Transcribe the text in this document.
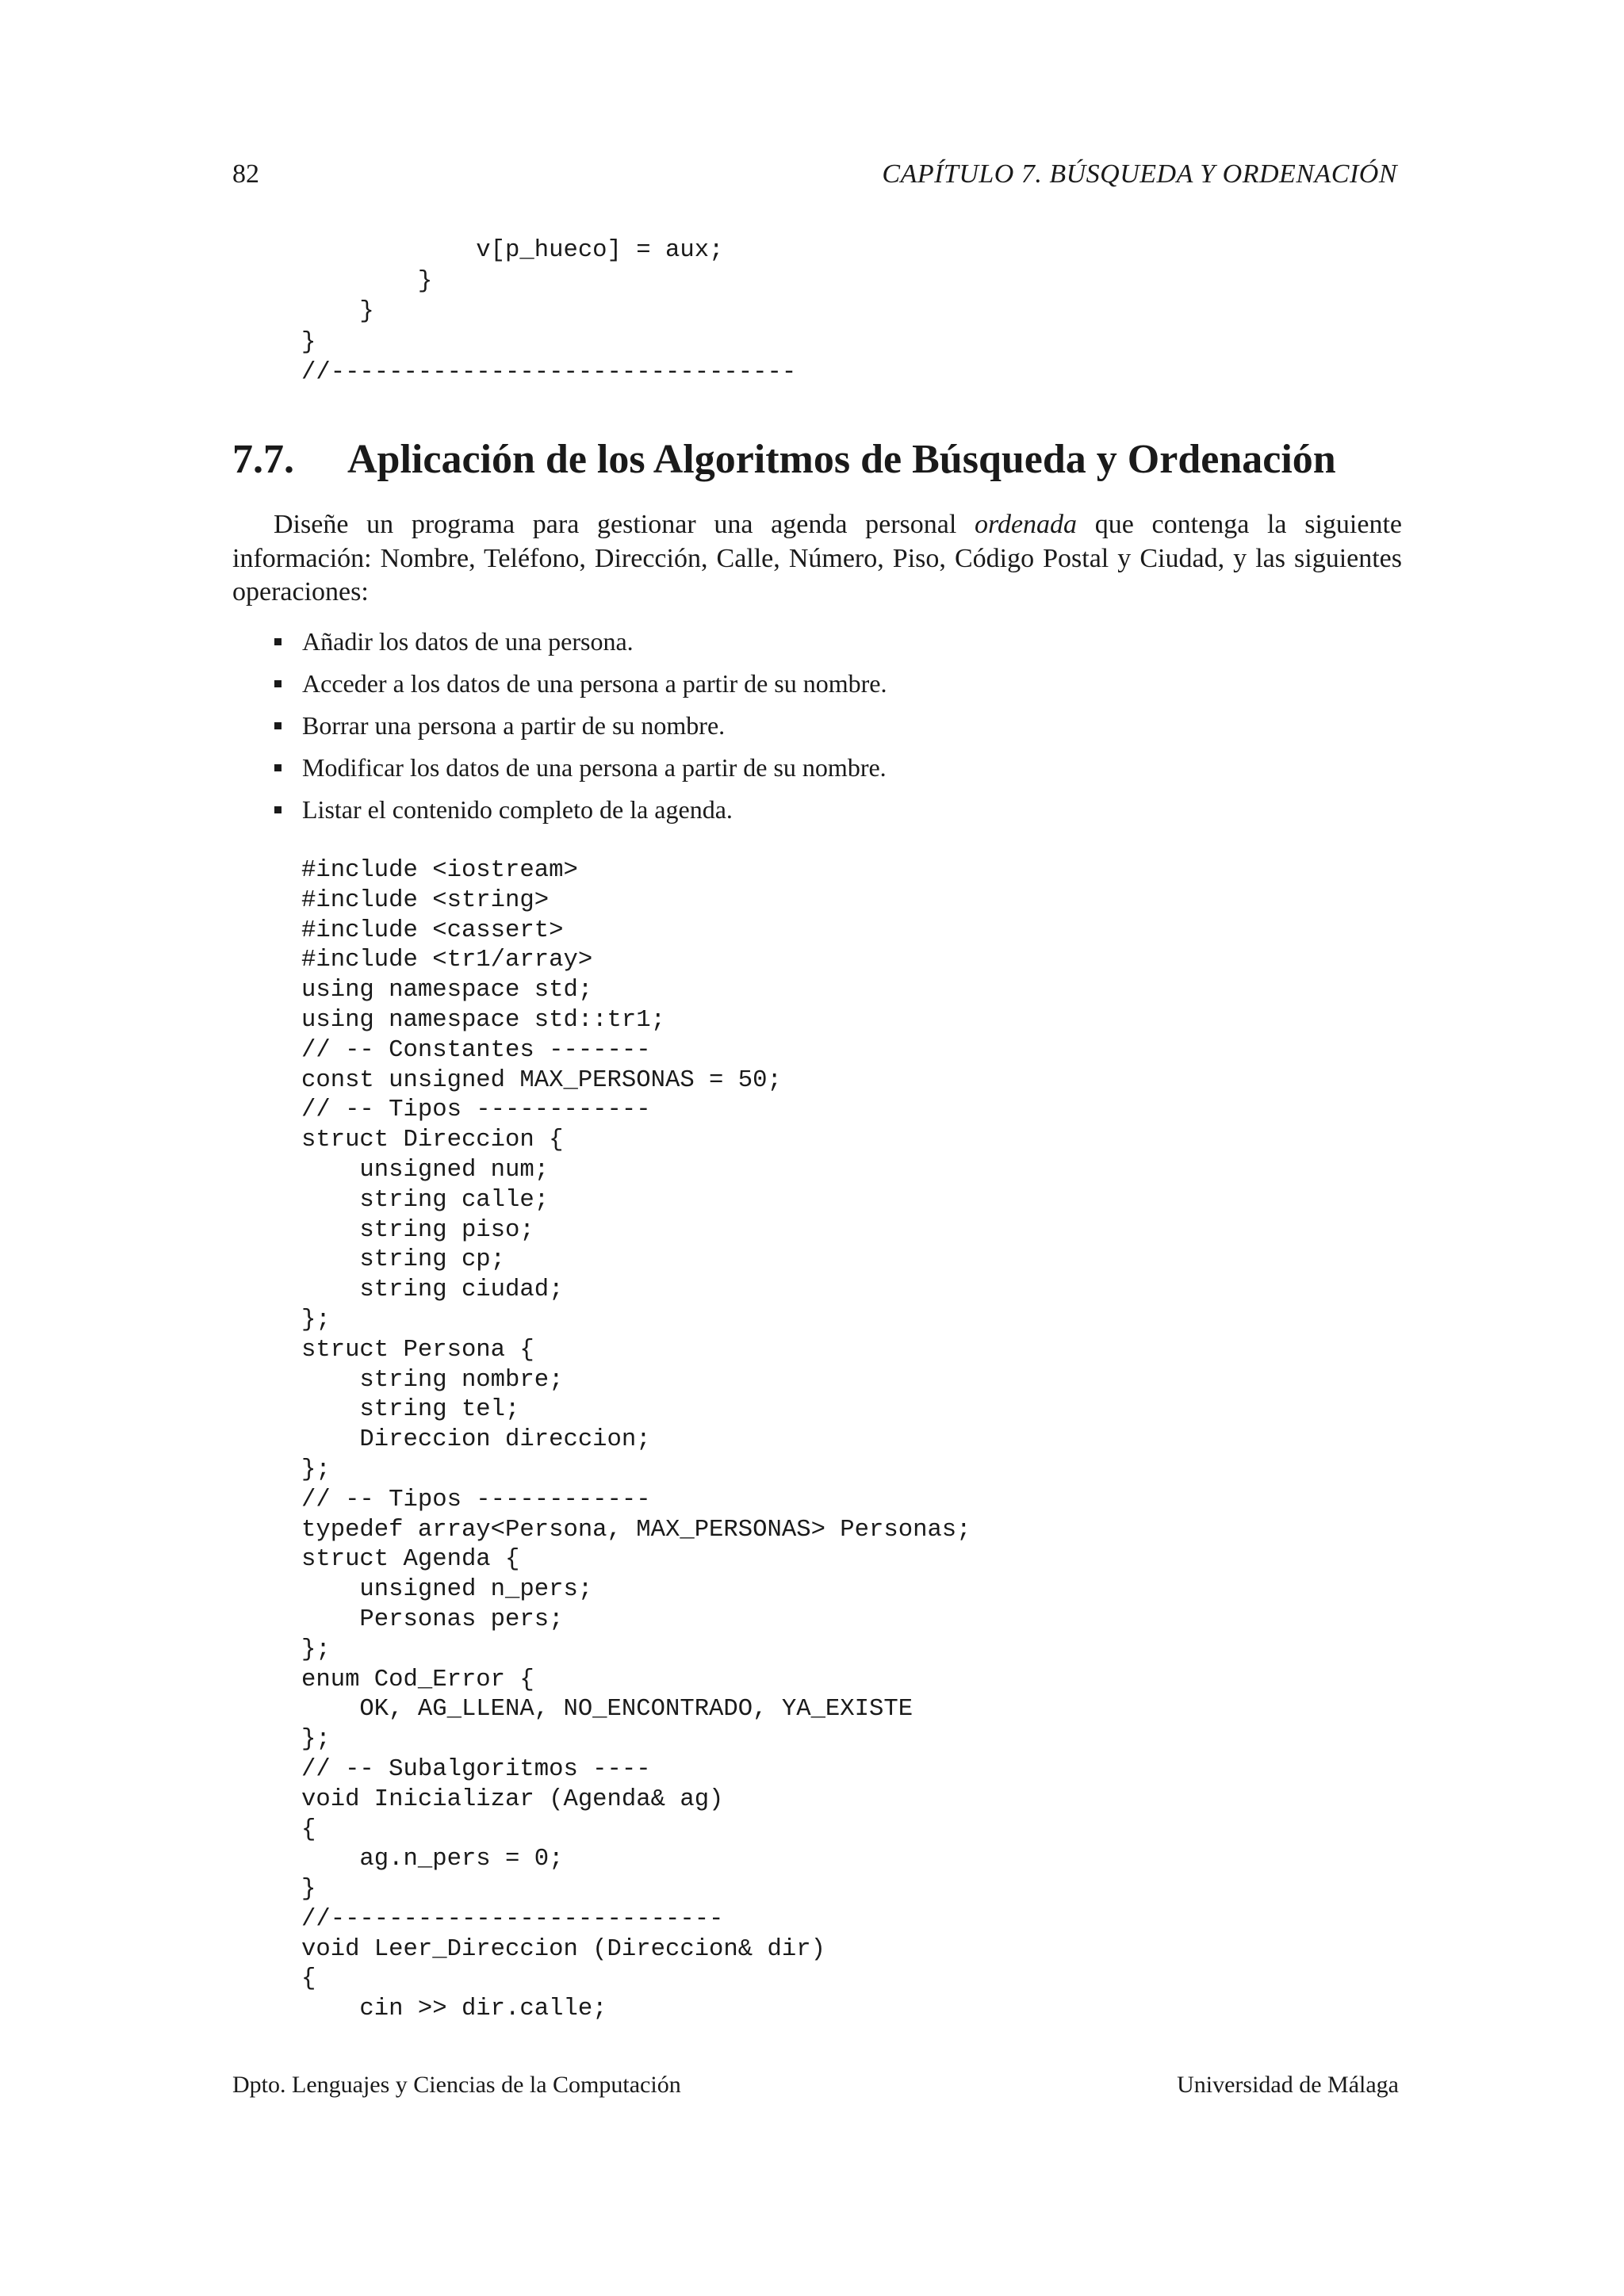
82	CAPÍTULO 7. BÚSQUEDA Y ORDENACIÓN
v[p_hueco] = aux;
}
}
}
//--------------------------------
7.7. Aplicación de los Algoritmos de Búsqueda y Ordenación

Diseñe un programa para gestionar una agenda personal ordenada que contenga la siguiente información: Nombre, Teléfono, Dirección, Calle, Número, Piso, Código Postal y Ciudad, y las siguientes operaciones:

Añadir los datos de una persona.
Acceder a los datos de una persona a partir de su nombre.
Borrar una persona a partir de su nombre.
Modificar los datos de una persona a partir de su nombre.
Listar el contenido completo de la agenda.
#include <iostream>
#include <string>
#include <cassert>
#include <tr1/array>
using namespace std;
using namespace std::tr1;
// -- Constantes -------
const unsigned MAX_PERSONAS = 50;
// -- Tipos ------------
struct Direccion {
unsigned num;
string calle;
string piso;
string cp;
string ciudad;
};
struct Persona {
string nombre;
string tel;
Direccion direccion;
};
// -- Tipos ------------
typedef array<Persona, MAX_PERSONAS> Personas;
struct Agenda {
unsigned n_pers;
Personas pers;
};
enum Cod_Error {
OK, AG_LLENA, NO_ENCONTRADO, YA_EXISTE
};
// -- Subalgoritmos ----
void Inicializar (Agenda& ag)
{
ag.n_pers = 0;
}
//---------------------------
void Leer_Direccion (Direccion& dir)
{
cin >> dir.calle;
Dpto. Lenguajes y Ciencias de la Computación	Universidad de Málaga
